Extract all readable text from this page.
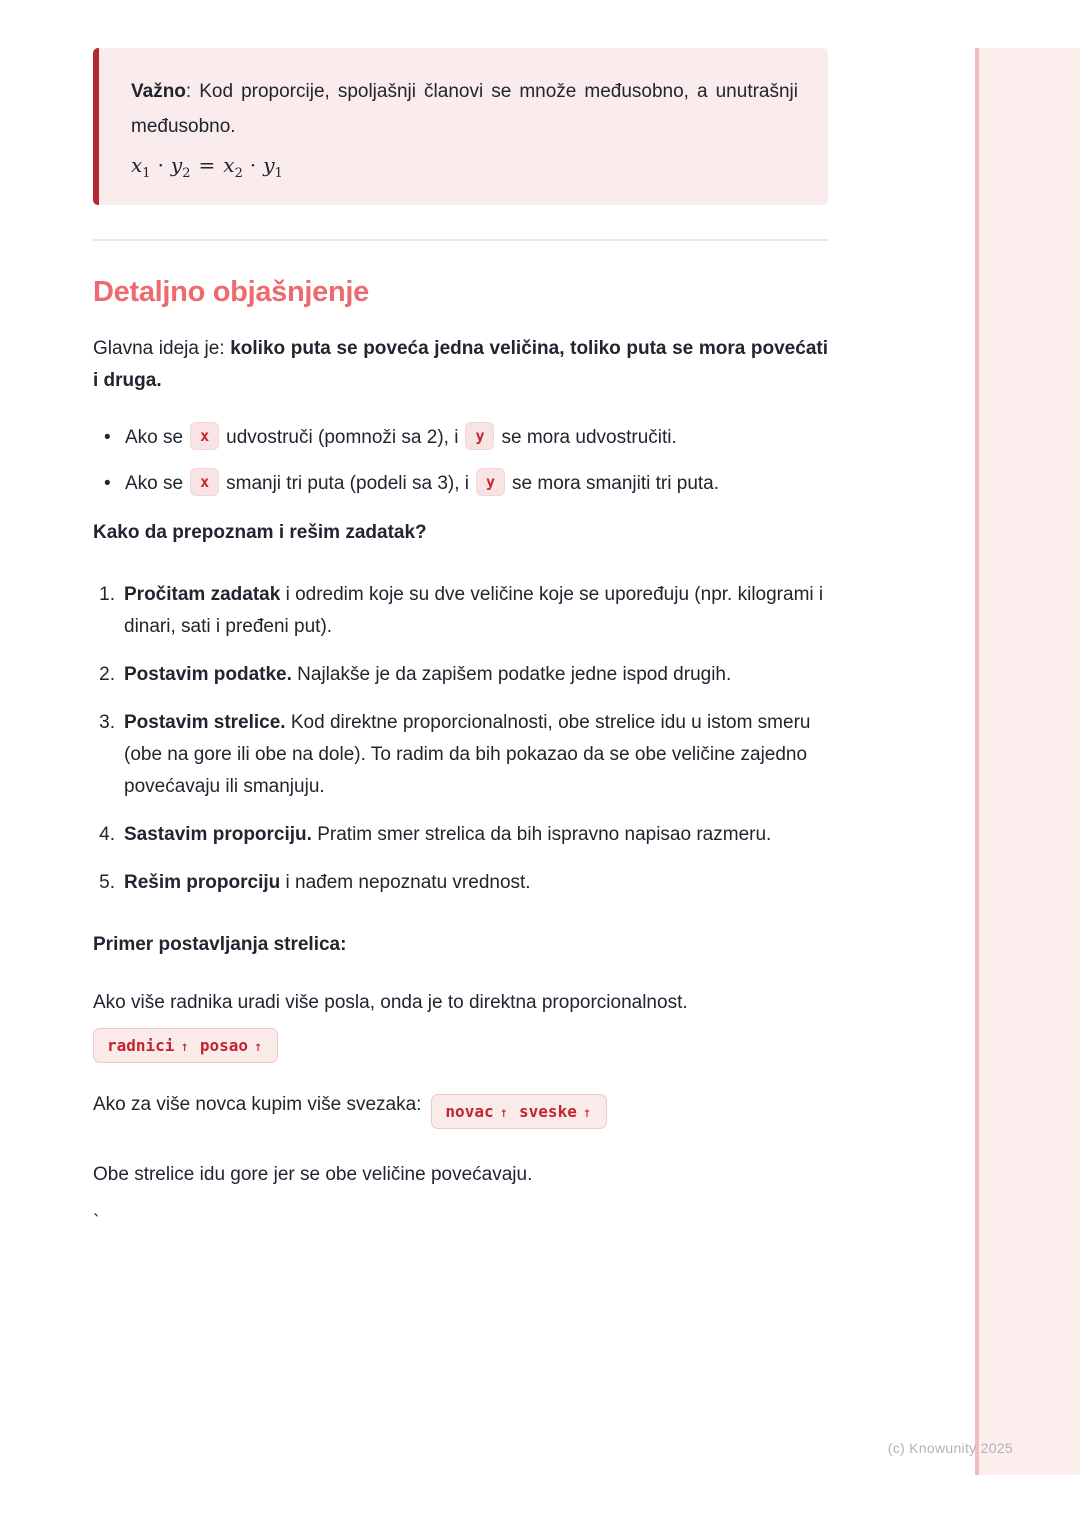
Važno: Kod proporcije, spoljašnji članovi se množe međusobno, a unutrašnji međusobno.

$x_1 \cdot y_2 = x_2 \cdot y_1$

Detaljno objašnjenje

Glavna ideja je: koliko puta se poveća jedna veličina, toliko puta se mora povećati i druga.

• Ako se x udvostruči (pomnoži sa 2), i y se mora udvostručiti.
• Ako se x smanji tri puta (podeli sa 3), i y se mora smanjiti tri puta.

Kako da prepoznam i rešim zadatak?

1. Pročitam zadatak i odredim koje su dve veličine koje se upoređuju (npr. kilogrami i dinari, sati i pređeni put).
2. Postavim podatke. Najlakše je da zapišem podatke jedne ispod drugih.
3. Postavim strelice. Kod direktne proporcionalnosti, obe strelice idu u istom smeru (obe na gore ili obe na dole). To radim da bih pokazao da se obe veličine zajedno povećavaju ili smanjuju.
4. Sastavim proporciju. Pratim smer strelica da bih ispravno napisao razmeru.
5. Rešim proporciju i nađem nepoznatu vrednost.

Primer postavljanja strelica:

Ako više radnika uradi više posla, onda je to direktna proporcionalnost.

radnici ↑ posao ↑

Ako za više novca kupim više svezaka: novac ↑ sveske ↑

Obe strelice idu gore jer se obe veličine povećavaju.

`

(c) Knowunity 2025
